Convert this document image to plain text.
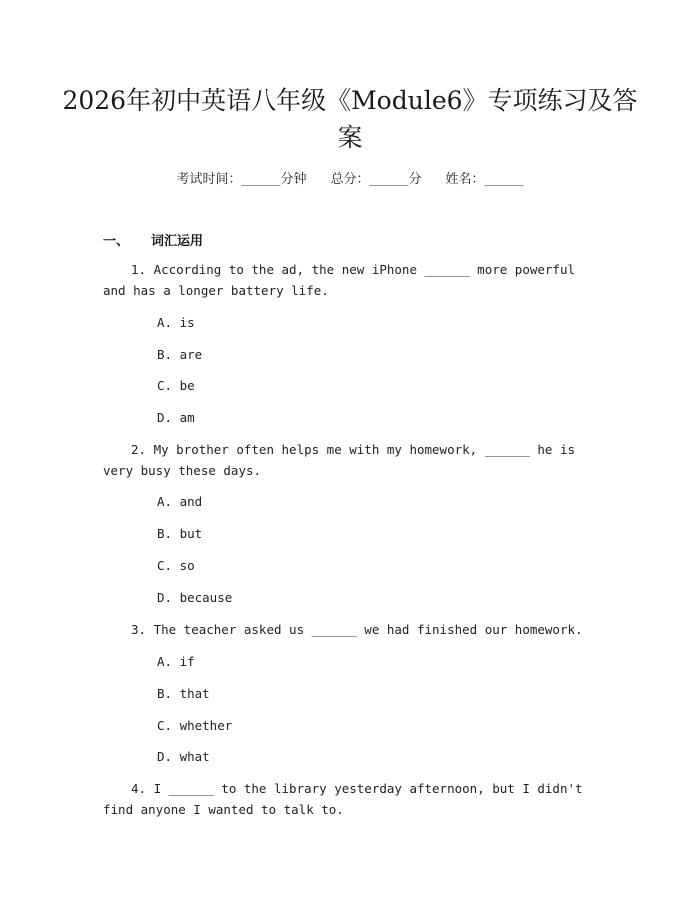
2026年初中英语八年级《Module6》专项练习及答案
考试时间：______分钟 总分：______分 姓名：______
一、 词汇运用
1. According to the ad, the new iPhone ______ more powerful and has a longer battery life.
A. is
B. are
C. be
D. am
2. My brother often helps me with my homework, ______ he is very busy these days.
A. and
B. but
C. so
D. because
3. The teacher asked us ______ we had finished our homework.
A. if
B. that
C. whether
D. what
4. I ______ to the library yesterday afternoon, but I didn't find anyone I wanted to talk to.
